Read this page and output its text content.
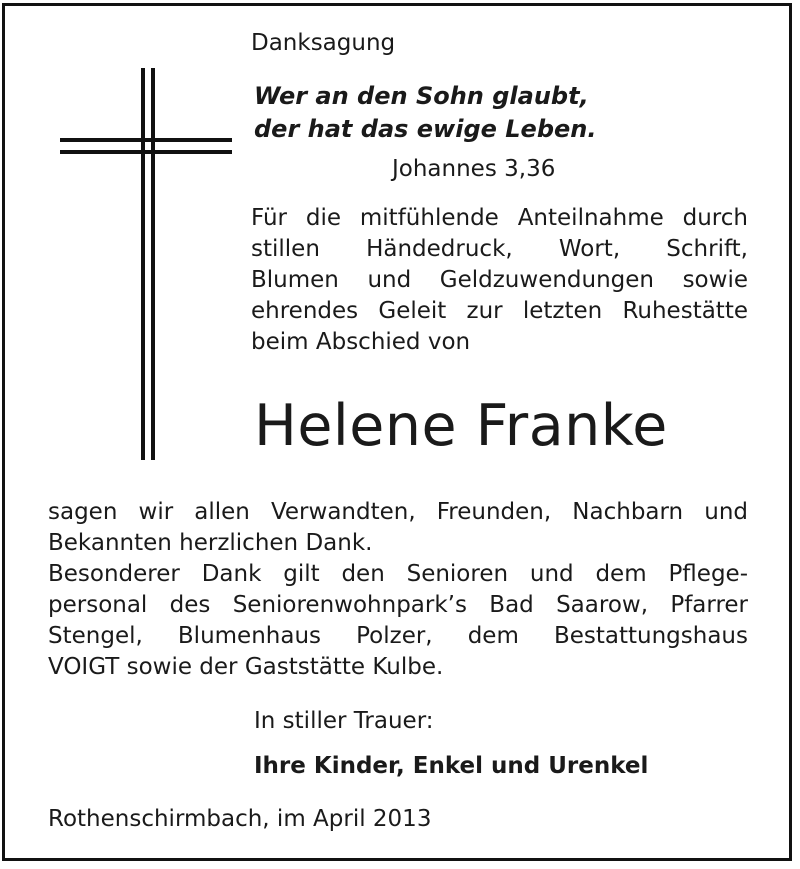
Danksagung
Wer an den Sohn glaubt,
der hat das ewige Leben.
Johannes 3,36
Für die mitfühlende Anteilnahme durch
stillen Händedruck, Wort, Schrift,
Blumen und Geldzuwendungen sowie
ehrendes Geleit zur letzten Ruhestätte
beim Abschied von
Helene Franke
sagen wir allen Verwandten, Freunden, Nachbarn und
Bekannten herzlichen Dank.
Besonderer Dank gilt den Senioren und dem Pflege-
personal des Seniorenwohnpark’s Bad Saarow, Pfarrer
Stengel, Blumenhaus Polzer, dem Bestattungshaus
VOIGT sowie der Gaststätte Kulbe.
In stiller Trauer:
Ihre Kinder, Enkel und Urenkel
Rothenschirmbach, im April 2013
